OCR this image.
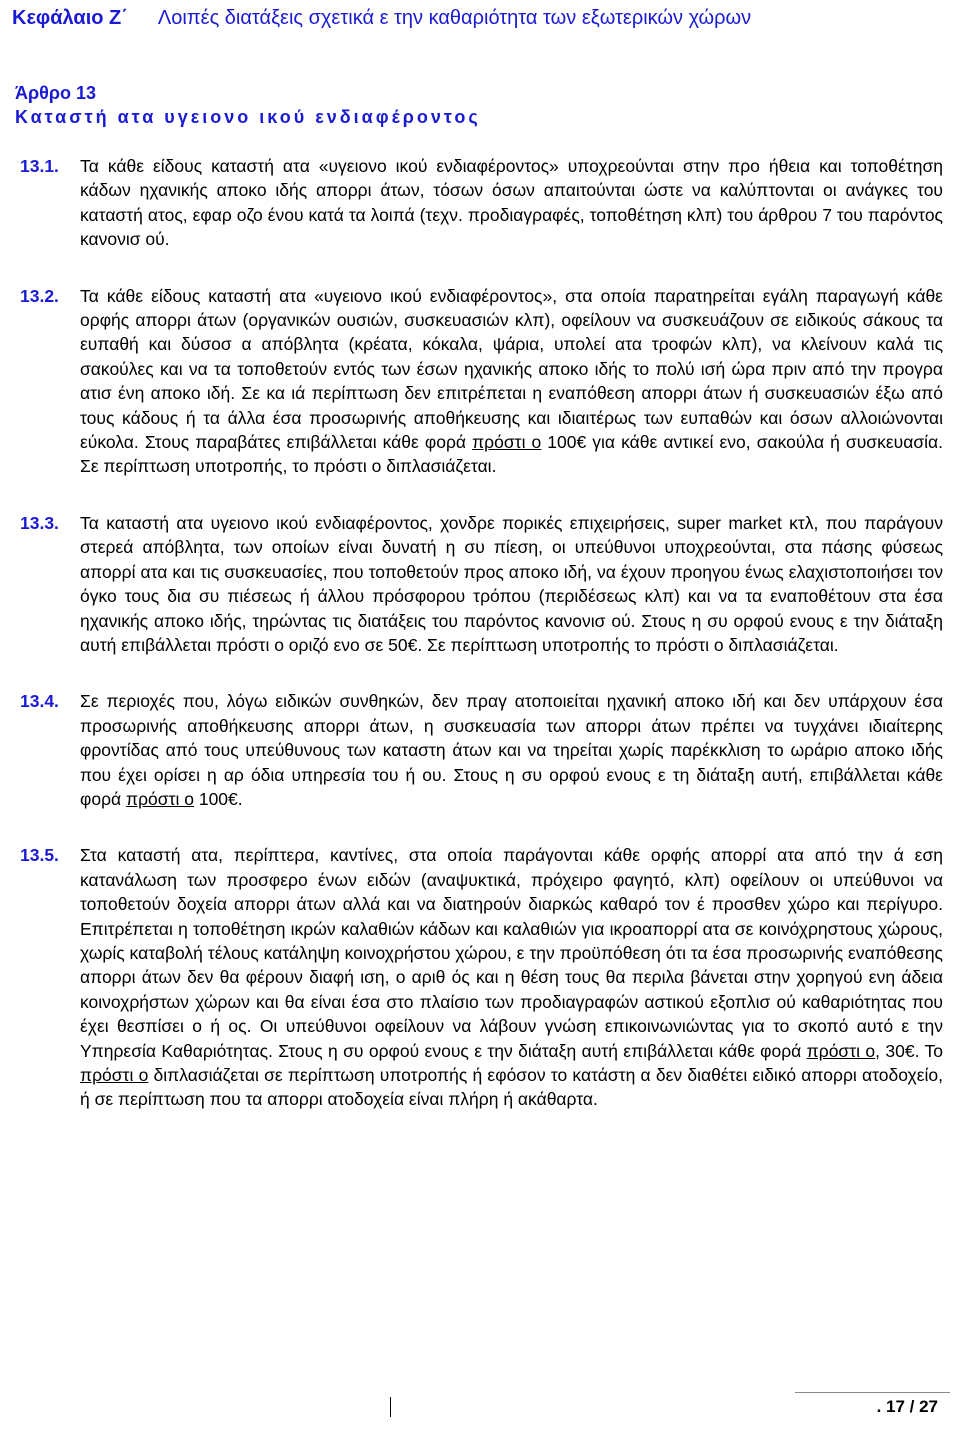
Κεφάλαιο Ζ΄ Λοιπές διατάξεις σχετικά ε την καθαριότητα των εξωτερικών χώρων
Άρθρο 13
Καταστή ατα υγειονο ικού ενδιαφέροντος
13.1.	Τα κάθε είδους καταστή ατα «υγειονο ικού ενδιαφέροντος» υποχρεούνται στην προ ήθεια και τοποθέτηση κάδων ηχανικής αποκο ιδής απορρι άτων, τόσων όσων απαιτούνται ώστε να καλύπτονται οι ανάγκες του καταστή ατος, εφαρ οζο ένου κατά τα λοιπά (τεχν. προδιαγραφές, τοποθέτηση κλπ) του άρθρου 7 του παρόντος κανονισ ού.
13.2.	Τα κάθε είδους καταστή ατα «υγειονο ικού ενδιαφέροντος», στα οποία παρατηρείται εγάλη παραγωγή κάθε ορφής απορρι άτων (οργανικών ουσιών, συσκευασιών κλπ), οφείλουν να συσκευάζουν σε ειδικούς σάκους τα ευπαθή και δύσοσ α απόβλητα (κρέατα, κόκαλα, ψάρια, υπολεί ατα τροφών κλπ), να κλείνουν καλά τις σακούλες και να τα τοποθετούν εντός των έσων ηχανικής αποκο ιδής το πολύ ισή ώρα πριν από την προγρα ατισ ένη αποκο ιδή. Σε κα ιά περίπτωση δεν επιτρέπεται η εναπόθεση απορρι άτων ή συσκευασιών έξω από τους κάδους ή τα άλλα έσα προσωρινής αποθήκευσης και ιδιαιτέρως των ευπαθών και όσων αλλοιώνονται εύκολα. Στους παραβάτες επιβάλλεται κάθε φορά πρόστι ο 100€ για κάθε αντικεί ενο, σακούλα ή συσκευασία. Σε περίπτωση υποτροπής, το πρόστι ο διπλασιάζεται.
13.3.	Τα καταστή ατα υγειονο ικού ενδιαφέροντος, χονδρε πορικές επιχειρήσεις, super market κτλ, που παράγουν στερεά απόβλητα, των οποίων είναι δυνατή η συ πίεση, οι υπεύθυνοι υποχρεούνται, στα πάσης φύσεως απορρί ατα και τις συσκευασίες, που τοποθετούν προς αποκο ιδή, να έχουν προηγου ένως ελαχιστοποιήσει τον όγκο τους δια συ πιέσεως ή άλλου πρόσφορου τρόπου (περιδέσεως κλπ) και να τα εναποθέτουν στα έσα ηχανικής αποκο ιδής, τηρώντας τις διατάξεις του παρόντος κανονισ ού. Στους η συ ορφού ενους ε την διάταξη αυτή επιβάλλεται πρόστι ο οριζό ενο σε 50€. Σε περίπτωση υποτροπής το πρόστι ο διπλασιάζεται.
13.4.	Σε περιοχές που, λόγω ειδικών συνθηκών, δεν πραγ ατοποιείται ηχανική αποκο ιδή και δεν υπάρχουν έσα προσωρινής αποθήκευσης απορρι άτων, η συσκευασία των απορρι άτων πρέπει να τυγχάνει ιδιαίτερης φροντίδας από τους υπεύθυνους των καταστη άτων και να τηρείται χωρίς παρέκκλιση το ωράριο αποκο ιδής που έχει ορίσει η αρ όδια υπηρεσία του ή ου. Στους η συ ορφού ενους ε τη διάταξη αυτή, επιβάλλεται κάθε φορά πρόστι ο 100€.
13.5.	Στα καταστή ατα, περίπτερα, καντίνες, στα οποία παράγονται κάθε ορφής απορρί ατα από την ά εση κατανάλωση των προσφερο ένων ειδών (αναψυκτικά, πρόχειρο φαγητό, κλπ) οφείλουν οι υπεύθυνοι να τοποθετούν δοχεία απορρι άτων αλλά και να διατηρούν διαρκώς καθαρό τον έ προσθεν χώρο και περίγυρο. Επιτρέπεται η τοποθέτηση ικρών καλαθιών κάδων και καλαθιών για ικροαπορρί ατα σε κοινόχρηστους χώρους, χωρίς καταβολή τέλους κατάληψη κοινοχρήστου χώρου, ε την προϋπόθεση ότι τα έσα προσωρινής εναπόθεσης απορρι άτων δεν θα φέρουν διαφή ιση, ο αριθ ός και η θέση τους θα περιλα βάνεται στην χορηγού ενη άδεια κοινοχρήστων χώρων και θα είναι έσα στο πλαίσιο των προδιαγραφών αστικού εξοπλισ ού καθαριότητας που έχει θεσπίσει ο ή ος. Οι υπεύθυνοι οφείλουν να λάβουν γνώση επικοινωνιώντας για το σκοπό αυτό ε την Υπηρεσία Καθαριότητας. Στους η συ ορφού ενους ε την διάταξη αυτή επιβάλλεται κάθε φορά πρόστι ο, 30€. Το πρόστι ο διπλασιάζεται σε περίπτωση υποτροπής ή εφόσον το κατάστη α δεν διαθέτει ειδικό απορρι ατοδοχείο, ή σε περίπτωση που τα απορρι ατοδοχεία είναι πλήρη ή ακάθαρτα.
. 17 / 27
